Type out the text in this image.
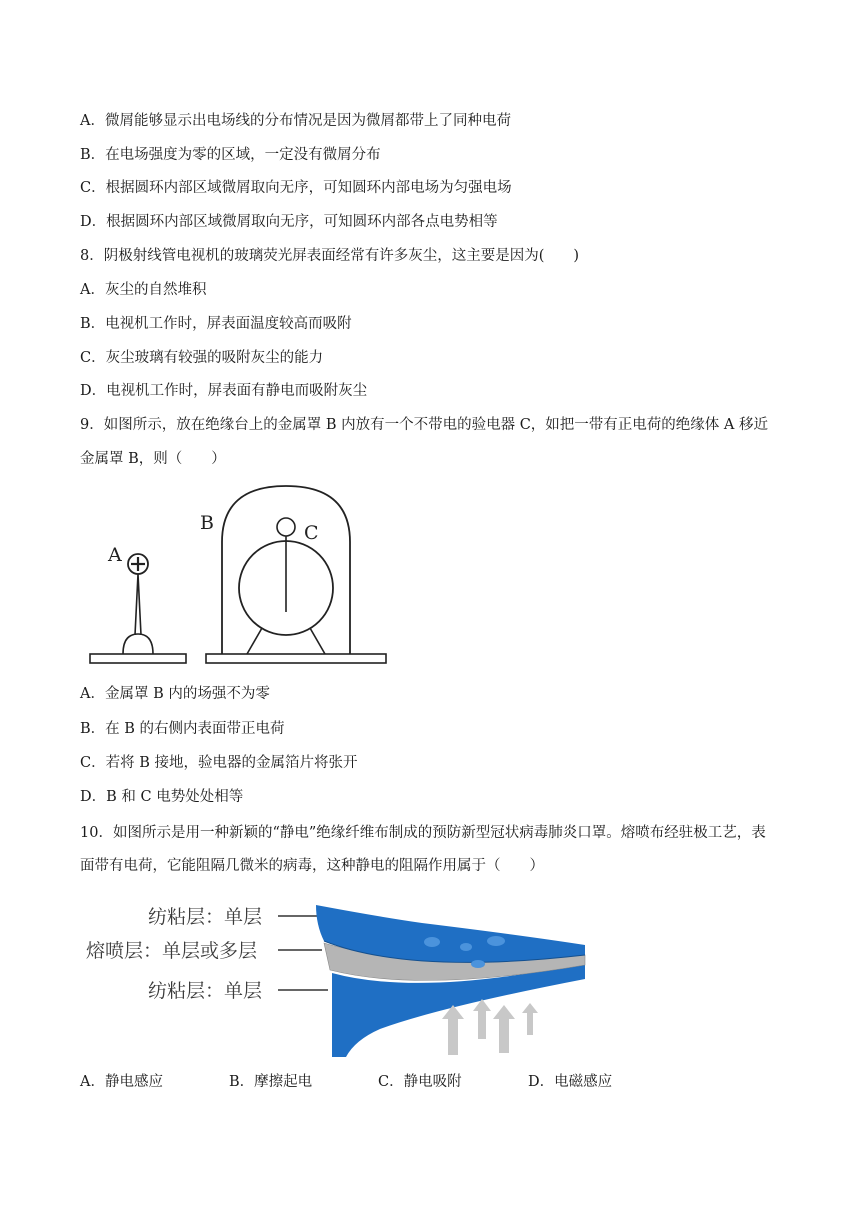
A．微屑能够显示出电场线的分布情况是因为微屑都带上了同种电荷
B．在电场强度为零的区域，一定没有微屑分布
C．根据圆环内部区域微屑取向无序，可知圆环内部电场为匀强电场
D．根据圆环内部区域微屑取向无序，可知圆环内部各点电势相等
8．阴极射线管电视机的玻璃荧光屏表面经常有许多灰尘，这主要是因为(　　)
A．灰尘的自然堆积
B．电视机工作时，屏表面温度较高而吸附
C．灰尘玻璃有较强的吸附灰尘的能力
D．电视机工作时，屏表面有静电而吸附灰尘
9．如图所示，放在绝缘台上的金属罩 B 内放有一个不带电的验电器 C，如把一带有正电荷的绝缘体 A 移近
金属罩 B，则（　　）
A
B	C
A．金属罩 B 内的场强不为零
B．在 B 的右侧内表面带正电荷
C．若将 B 接地，验电器的金属箔片将张开
D．B 和 C 电势处处相等
10．如图所示是用一种新颖的“静电”绝缘纤维布制成的预防新型冠状病毒肺炎口罩。熔喷布经驻极工艺，表
面带有电荷，它能阻隔几微米的病毒，这种静电的阻隔作用属于（　　）
纺粘层：单层
熔喷层：单层或多层
纺粘层：单层
A．静电感应	B．摩擦起电	C．静电吸附	D．电磁感应
